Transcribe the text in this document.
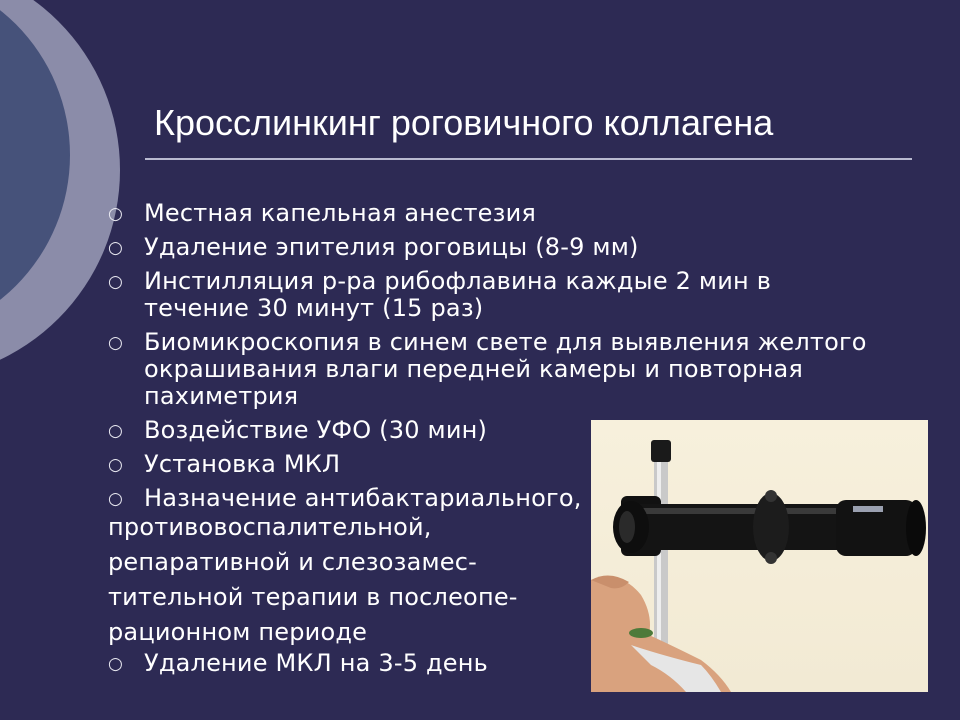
Кросслинкинг роговичного коллагена
○ Местная капельная анестезия
○ Удаление эпителия роговицы (8-9 мм)
○ Инстилляция р-ра рибофлавина каждые 2 мин в течение 30 минут (15 раз)
○ Биомикроскопия в синем свете для выявления желтого окрашивания влаги передней камеры и повторная пахиметрия
○ Воздействие УФО (30 мин)
○ Установка МКЛ
○ Назначение антибактариального,
противовоспалительной,
репаративной и слезозамес-
тительной терапии в послеопе-
рационном периоде
○ Удаление МКЛ на 3-5 день
